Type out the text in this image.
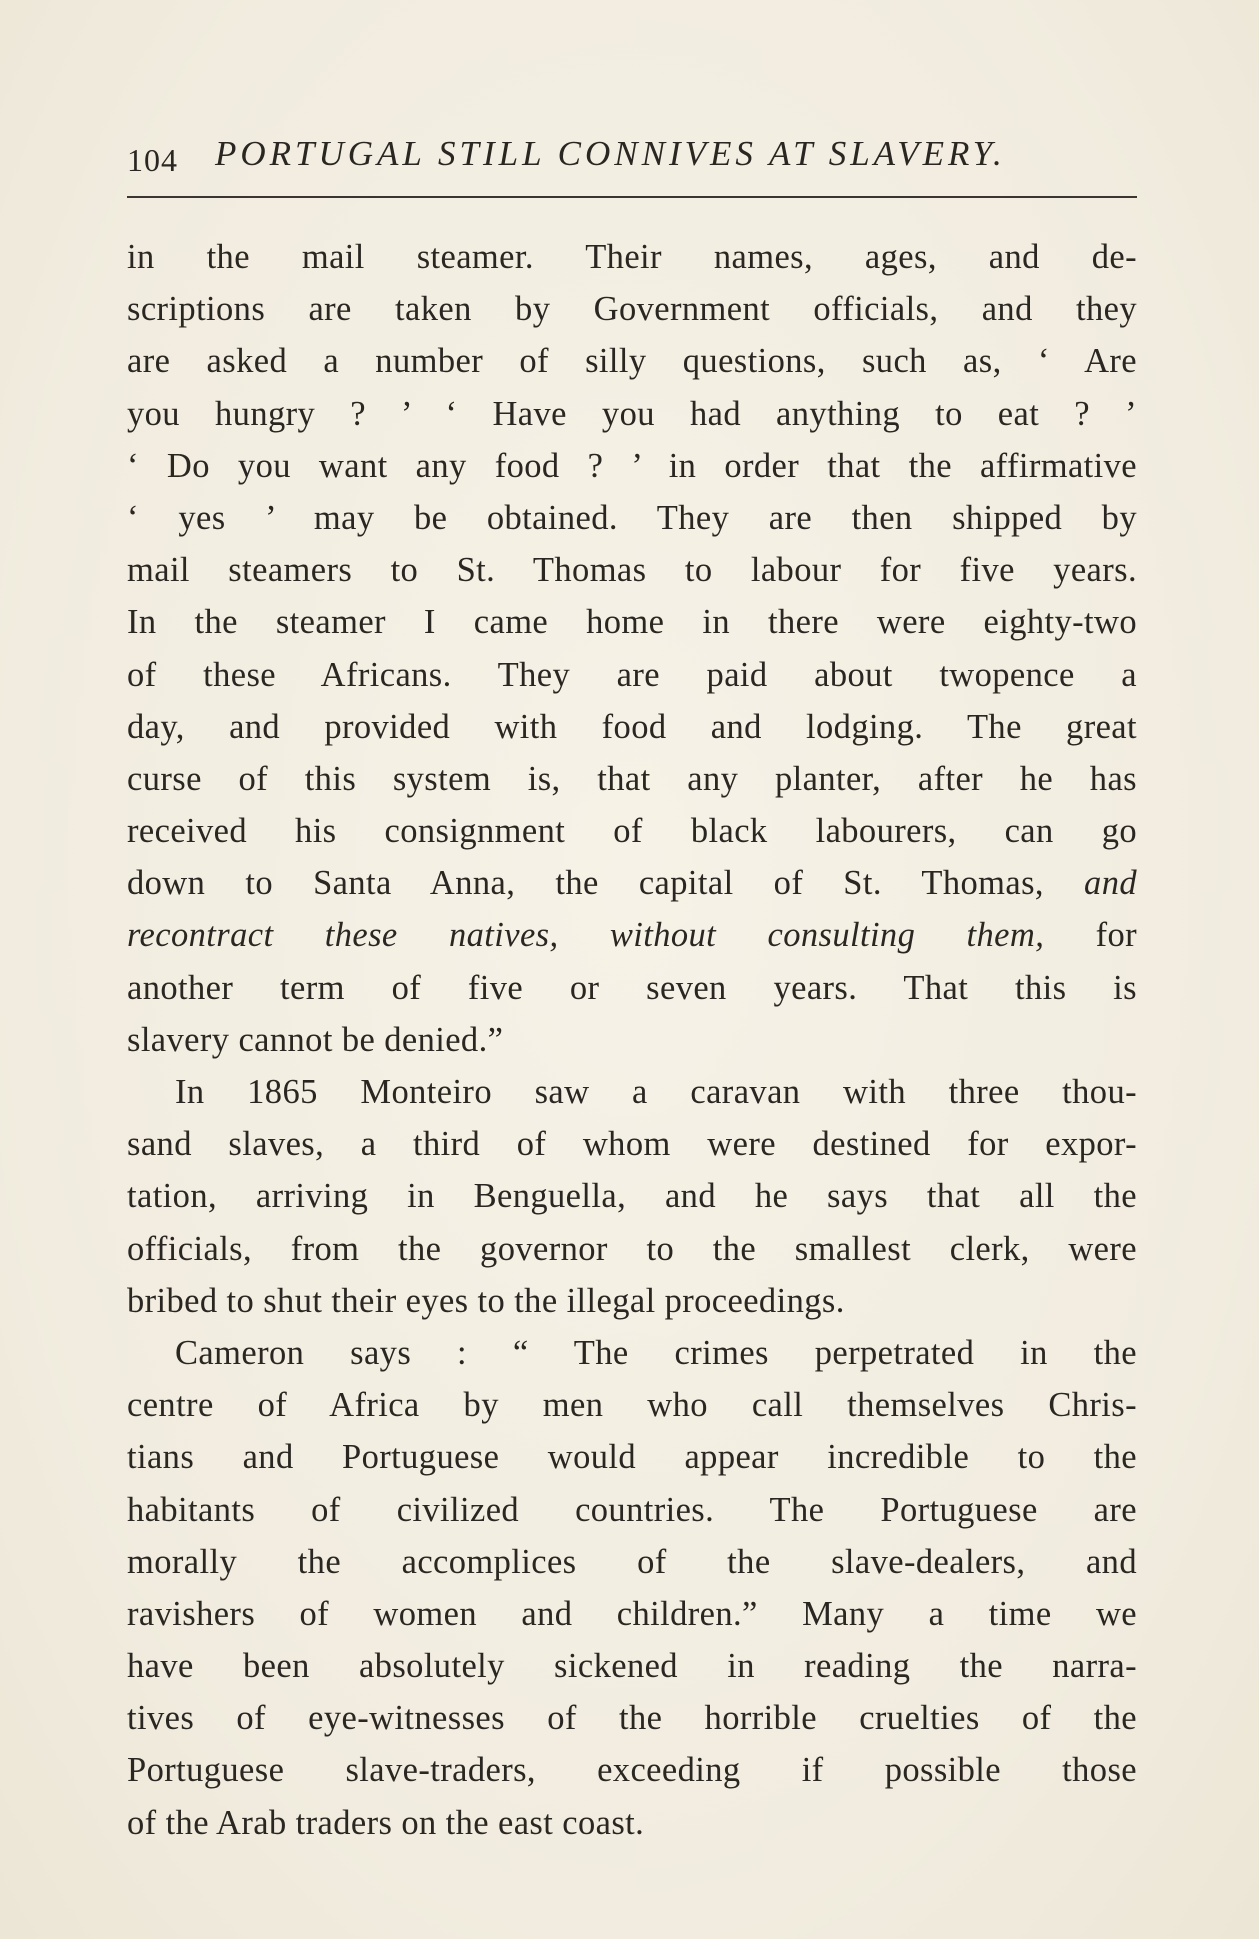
104 PORTUGAL STILL CONNIVES AT SLAVERY.
in the mail steamer. Their names, ages, and de-
scriptions are taken by Government officials, and they
are asked a number of silly questions, such as, ‘ Are
you hungry ? ’ ‘ Have you had anything to eat ? ’
‘ Do you want any food ? ’ in order that the affirmative
‘ yes ’ may be obtained. They are then shipped by
mail steamers to St. Thomas to labour for five years.
In the steamer I came home in there were eighty-two
of these Africans. They are paid about twopence a
day, and provided with food and lodging. The great
curse of this system is, that any planter, after he has
received his consignment of black labourers, can go
down to Santa Anna, the capital of St. Thomas, and
recontract these natives, without consulting them, for
another term of five or seven years. That this is
slavery cannot be denied.”
In 1865 Monteiro saw a caravan with three thou-
sand slaves, a third of whom were destined for expor-
tation, arriving in Benguella, and he says that all the
officials, from the governor to the smallest clerk, were
bribed to shut their eyes to the illegal proceedings.
Cameron says : “ The crimes perpetrated in the
centre of Africa by men who call themselves Chris-
tians and Portuguese would appear incredible to the
habitants of civilized countries. The Portuguese are
morally the accomplices of the slave-dealers, and
ravishers of women and children.” Many a time we
have been absolutely sickened in reading the narra-
tives of eye-witnesses of the horrible cruelties of the
Portuguese slave-traders, exceeding if possible those
of the Arab traders on the east coast.
